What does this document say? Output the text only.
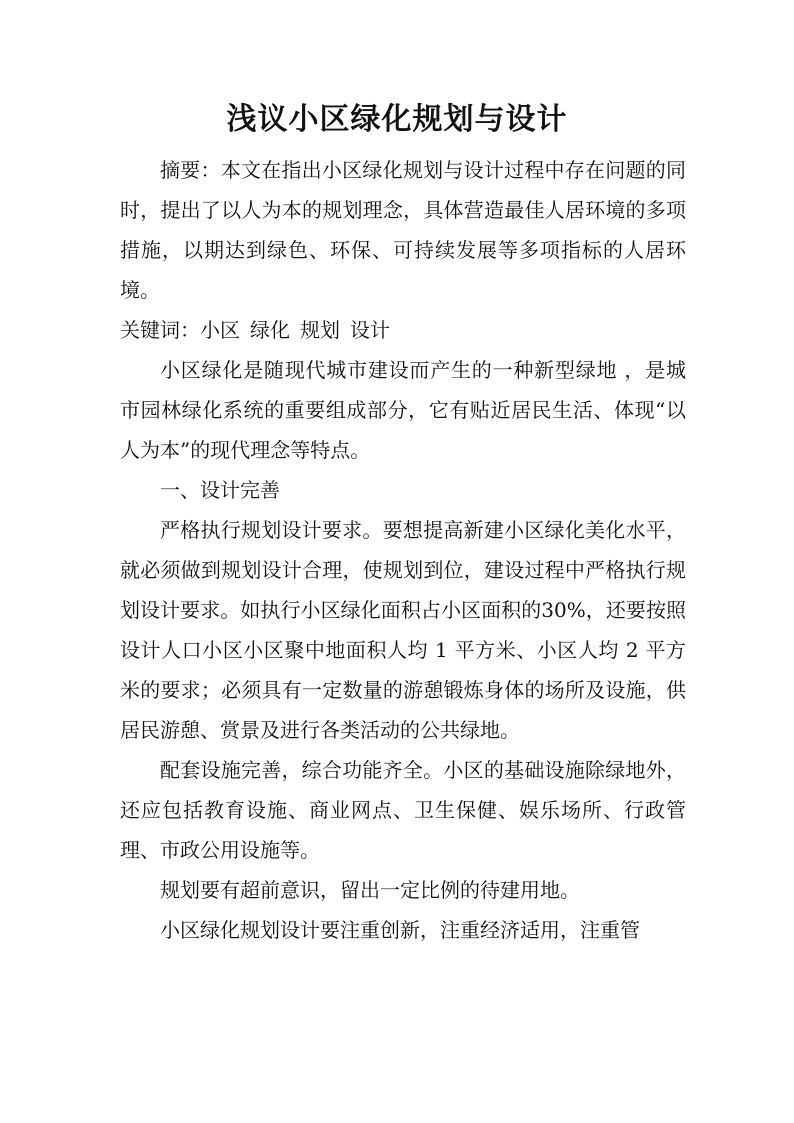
浅议小区绿化规划与设计

摘要：本文在指出小区绿化规划与设计过程中存在问题的同时，提出了以人为本的规划理念，具体营造最佳人居环境的多项措施，以期达到绿色、环保、可持续发展等多项指标的人居环境。

关键词：小区 绿化 规划 设计

小区绿化是随现代城市建设而产生的一种新型绿地 ，是城市园林绿化系统的重要组成部分，它有贴近居民生活、体现“以人为本”的现代理念等特点。

一、设计完善

严格执行规划设计要求。要想提高新建小区绿化美化水平，就必须做到规划设计合理，使规划到位，建设过程中严格执行规划设计要求。如执行小区绿化面积占小区面积的30%，还要按照设计人口小区小区聚中地面积人均 1 平方米、小区人均 2 平方米的要求；必须具有一定数量的游憩锻炼身体的场所及设施，供居民游憩、赏景及进行各类活动的公共绿地。

配套设施完善，综合功能齐全。小区的基础设施除绿地外，还应包括教育设施、商业网点、卫生保健、娱乐场所、行政管理、市政公用设施等。

规划要有超前意识，留出一定比例的待建用地。

小区绿化规划设计要注重创新，注重经济适用，注重管
